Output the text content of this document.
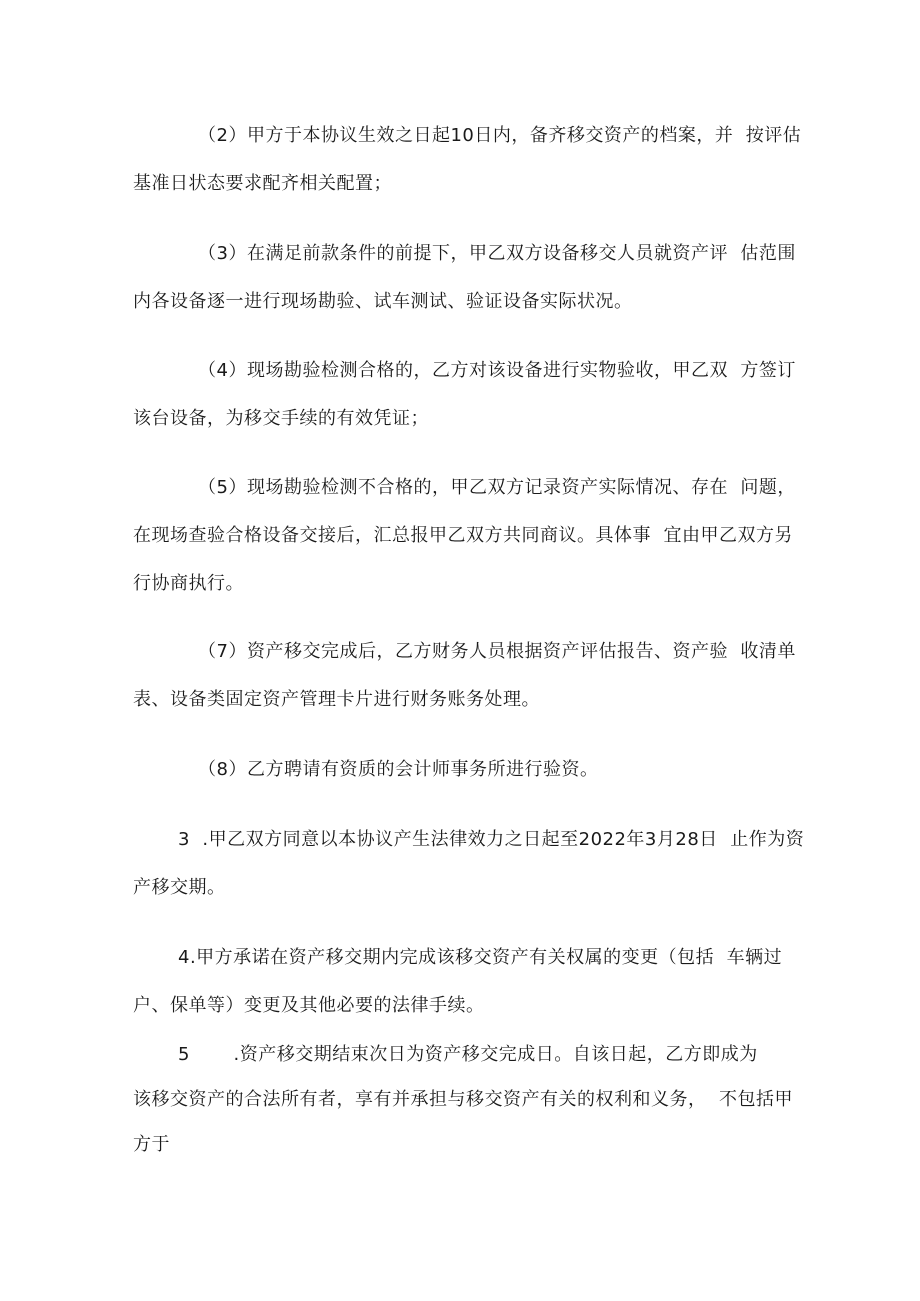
（2）甲方于本协议生效之日起10日内，备齐移交资产的档案，并  按评估
基准日状态要求配齐相关配置；
（3）在满足前款条件的前提下，甲乙双方设备移交人员就资产评  估范围
内各设备逐一进行现场勘验、试车测试、验证设备实际状况。
（4）现场勘验检测合格的，乙方对该设备进行实物验收，甲乙双  方签订
该台设备，为移交手续的有效凭证；
（5）现场勘验检测不合格的，甲乙双方记录资产实际情况、存在  问题，
在现场查验合格设备交接后，汇总报甲乙双方共同商议。具体事  宜由甲乙双方另
行协商执行。
（7）资产移交完成后，乙方财务人员根据资产评估报告、资产验  收清单
表、设备类固定资产管理卡片进行财务账务处理。
（8）乙方聘请有资质的会计师事务所进行验资。
3  .甲乙双方同意以本协议产生法律效力之日起至2022年3月28日  止作为资
产移交期。
4.甲方承诺在资产移交期内完成该移交资产有关权属的变更（包括  车辆过
户、保单等）变更及其他必要的法律手续。
5       .资产移交期结束次日为资产移交完成日。自该日起，乙方即成为
该移交资产的合法所有者，享有并承担与移交资产有关的权利和义务，  不包括甲
方于
